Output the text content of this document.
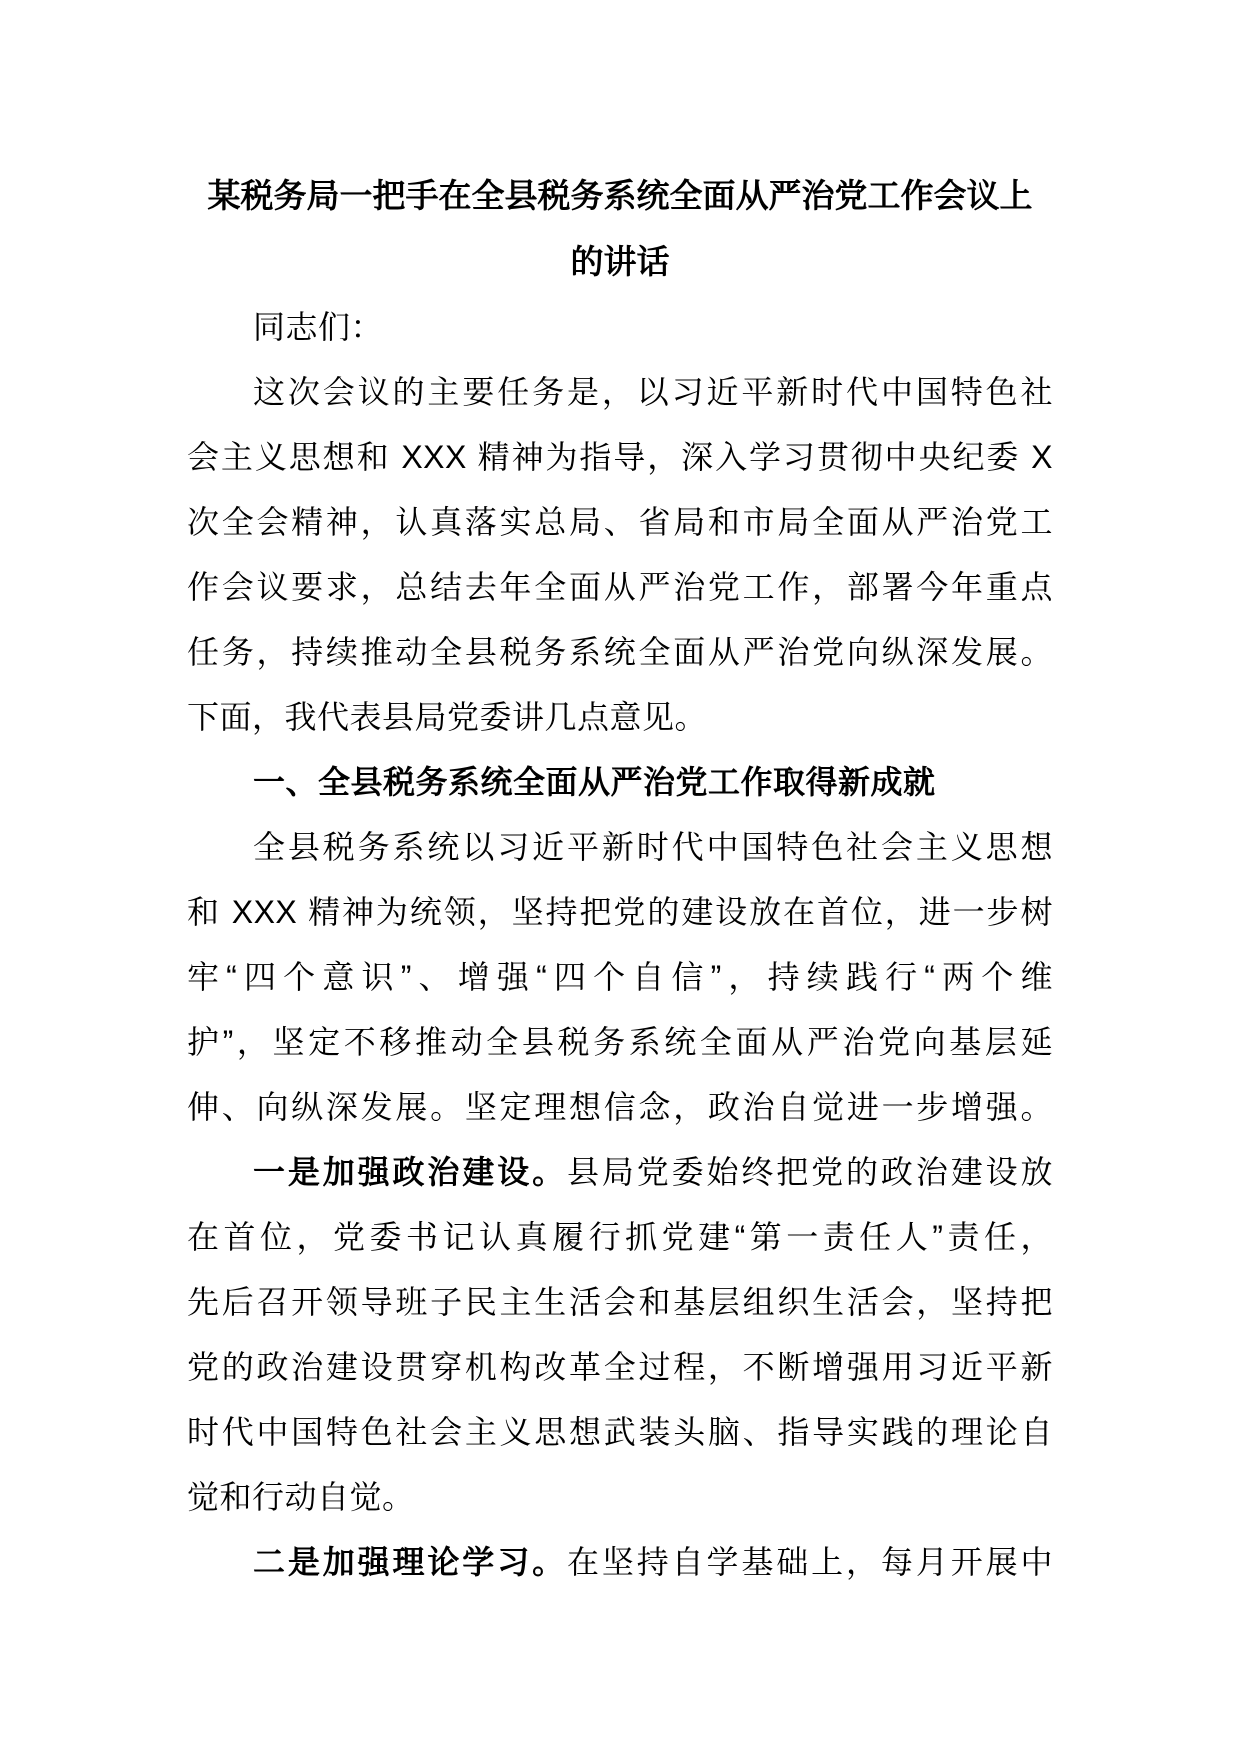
某税务局一把手在全县税务系统全面从严治党工作会议上
的讲话
同志们：
这次会议的主要任务是，以习近平新时代中国特色社
会主义思想和 XXX 精神为指导，深入学习贯彻中央纪委 X
次全会精神，认真落实总局、省局和市局全面从严治党工
作会议要求，总结去年全面从严治党工作，部署今年重点
任务，持续推动全县税务系统全面从严治党向纵深发展。
下面，我代表县局党委讲几点意见。
一、全县税务系统全面从严治党工作取得新成就
全县税务系统以习近平新时代中国特色社会主义思想
和 XXX 精神为统领，坚持把党的建设放在首位，进一步树
牢“四个意识”、增强“四个自信”，持续践行“两个维
护”，坚定不移推动全县税务系统全面从严治党向基层延
伸、向纵深发展。坚定理想信念，政治自觉进一步增强。
一是加强政治建设。县局党委始终把党的政治建设放
在首位，党委书记认真履行抓党建“第一责任人”责任，
先后召开领导班子民主生活会和基层组织生活会，坚持把
党的政治建设贯穿机构改革全过程，不断增强用习近平新
时代中国特色社会主义思想武装头脑、指导实践的理论自
觉和行动自觉。
二是加强理论学习。在坚持自学基础上，每月开展中
